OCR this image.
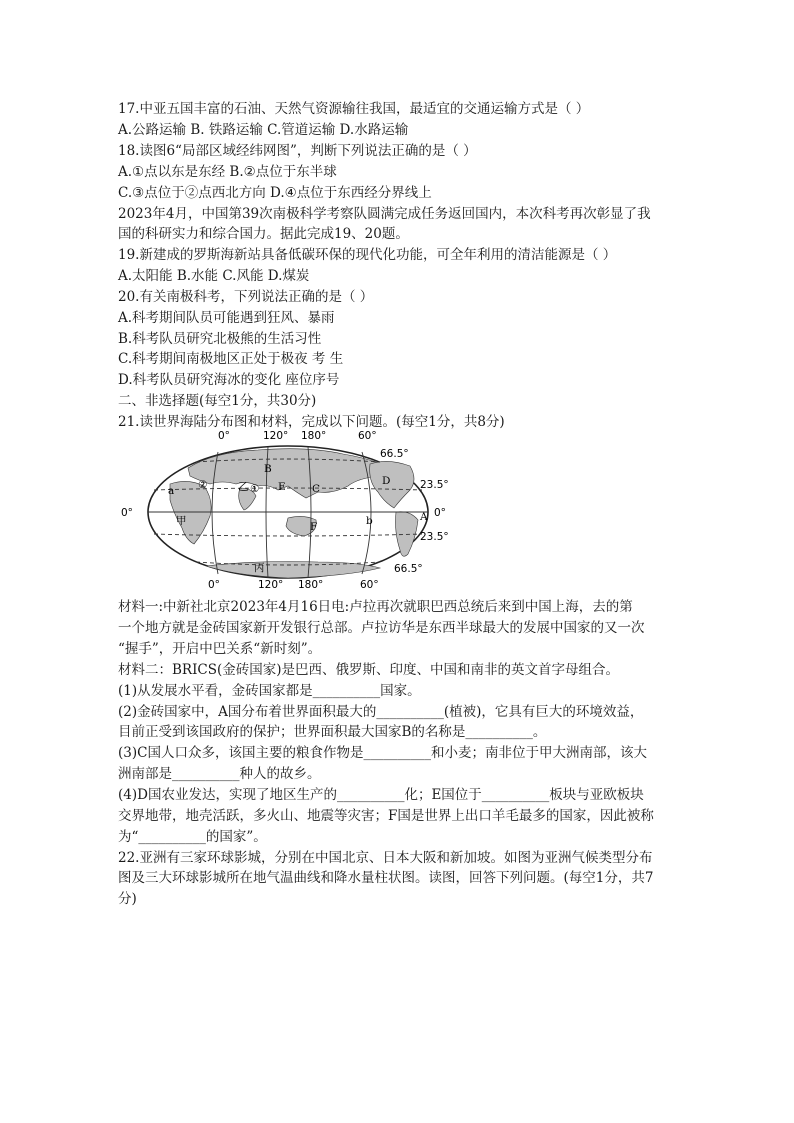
17.中亚五国丰富的石油、天然气资源输往我国，最适宜的交通运输方式是（ ）
A.公路运输 B. 铁路运输 C.管道运输 D.水路运输
18.读图6“局部区域经纬网图”，判断下列说法正确的是（ ）
A.①点以东是东经 B.②点位于东半球
C.③点位于②点西北方向 D.④点位于东西经分界线上
2023年4月，中国第39次南极科学考察队圆满完成任务返回国内，本次科考再次彰显了我
国的科研实力和综合国力。据此完成19、20题。
19.新建成的罗斯海新站具备低碳环保的现代化功能，可全年利用的清洁能源是（ ）
A.太阳能 B.水能 C.风能 D.煤炭
20.有关南极科考，下列说法正确的是（ ）
A.科考期间队员可能遇到狂风、暴雨
B.科考队员研究北极熊的生活习性
C.科考期间南极地区正处于极夜 考 生
D.科考队员研究海冰的变化 座位序号
二、非选择题(每空1分，共30分)
21.读世界海陆分布图和材料，完成以下问题。(每空1分，共8分)
0°	120° 180°	60°
66.5°
23.5°
0°
23.5°
66.5°
0°
B
E	C
D
A
F
a
b
甲
乙
丙
①
②
0°	120° 180°	60°
材料一:中新社北京2023年4月16日电:卢拉再次就职巴西总统后来到中国上海，去的第
一个地方就是金砖国家新开发银行总部。卢拉访华是东西半球最大的发展中国家的又一次
“握手”，开启中巴关系“新时刻”。
材料二：BRICS(金砖国家)是巴西、俄罗斯、印度、中国和南非的英文首字母组合。
(1)从发展水平看，金砖国家都是__________国家。
(2)金砖国家中，A国分布着世界面积最大的__________(植被)，它具有巨大的环境效益，
目前正受到该国政府的保护；世界面积最大国家B的名称是__________。
(3)C国人口众多，该国主要的粮食作物是__________和小麦；南非位于甲大洲南部，该大
洲南部是__________种人的故乡。
(4)D国农业发达，实现了地区生产的__________化；E国位于__________板块与亚欧板块
交界地带，地壳活跃，多火山、地震等灾害；F国是世界上出口羊毛最多的国家，因此被称
为“__________的国家”。
22.亚洲有三家环球影城，分别在中国北京、日本大阪和新加坡。如图为亚洲气候类型分布
图及三大环球影城所在地气温曲线和降水量柱状图。读图，回答下列问题。(每空1分，共7
分)
